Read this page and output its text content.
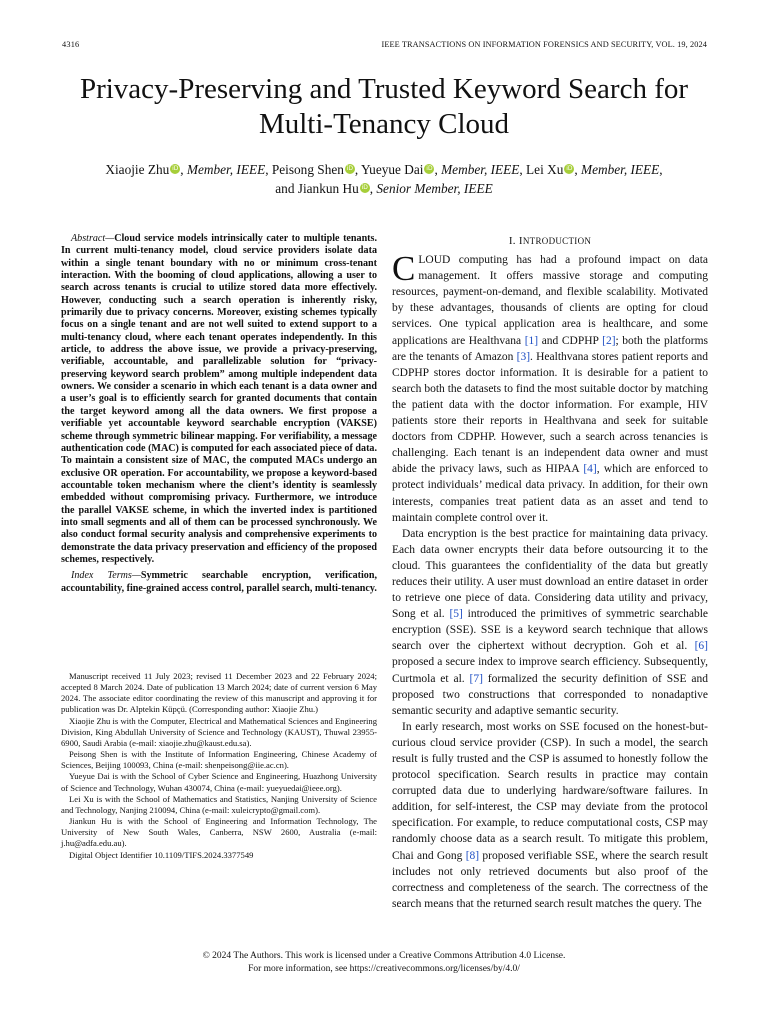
4316	IEEE TRANSACTIONS ON INFORMATION FORENSICS AND SECURITY, VOL. 19, 2024
Privacy-Preserving and Trusted Keyword Search for
Multi-Tenancy Cloud
Xiaojie Zhu iD , Member, IEEE, Peisong Shen iD , Yueyue Dai iD , Member, IEEE, Lei Xu iD , Member, IEEE,
and Jiankun Hu iD , Senior Member, IEEE

Abstract—Cloud service models intrinsically cater to multiple tenants. In current multi-tenancy model, cloud service providers isolate data within a single tenant boundary with no or minimum cross-tenant interaction. With the booming of cloud applications, allowing a user to search across tenants is crucial to utilize stored data more effectively. However, conducting such a search operation is inherently risky, primarily due to privacy concerns. Moreover, existing schemes typically focus on a single tenant and are not well suited to extend support to a multi-tenancy cloud, where each tenant operates independently. In this article, to address the above issue, we provide a privacy-preserving, verifiable, accountable, and parallelizable solution for “privacy-preserving keyword search problem” among multiple independent data owners. We consider a scenario in which each tenant is a data owner and a user’s goal is to efficiently search for granted documents that contain the target keyword among all the data owners. We first propose a verifiable yet accountable keyword searchable encryption (VAKSE) scheme through symmetric bilinear mapping. For verifiability, a message authentication code (MAC) is computed for each associated piece of data. To maintain a consistent size of MAC, the computed MACs undergo an exclusive OR operation. For accountability, we propose a keyword-based accountable token mechanism where the client’s identity is seamlessly embedded without compromising privacy. Furthermore, we introduce the parallel VAKSE scheme, in which the inverted index is partitioned into small segments and all of them can be processed synchronously. We also conduct formal security analysis and comprehensive experiments to demonstrate the data privacy preservation and efficiency of the proposed schemes, respectively.

Index Terms—Symmetric searchable encryption, verification, accountability, fine-grained access control, parallel search, multi-tenancy.

Manuscript received 11 July 2023; revised 11 December 2023 and 22 February 2024; accepted 8 March 2024. Date of publication 13 March 2024; date of current version 6 May 2024. The associate editor coordinating the review of this manuscript and approving it for publication was Dr. Alptekin Küpçü. (Corresponding author: Xiaojie Zhu.)

Xiaojie Zhu is with the Computer, Electrical and Mathematical Sciences and Engineering Division, King Abdullah University of Science and Technology (KAUST), Thuwal 23955-6900, Saudi Arabia (e-mail: xiaojie.zhu@kaust.edu.sa).

Peisong Shen is with the Institute of Information Engineering, Chinese Academy of Sciences, Beijing 100093, China (e-mail: shenpeisong@iie.ac.cn).

Yueyue Dai is with the School of Cyber Science and Engineering, Huazhong University of Science and Technology, Wuhan 430074, China (e-mail: yueyuedai@ieee.org).

Lei Xu is with the School of Mathematics and Statistics, Nanjing University of Science and Technology, Nanjing 210094, China (e-mail: xuleicrypto@gmail.com).

Jiankun Hu is with the School of Engineering and Information Technology, The University of New South Wales, Canberra, NSW 2600, Australia (e-mail: j.hu@adfa.edu.au).

Digital Object Identifier 10.1109/TIFS.2024.3377549

I. INTRODUCTION

CLOUD computing has had a profound impact on data management. It offers massive storage and computing resources, payment-on-demand, and flexible scalability. Motivated by these advantages, thousands of clients are opting for cloud services. One typical application area is healthcare, and some applications are Healthvana [1] and CDPHP [2]; both the platforms are the tenants of Amazon [3]. Healthvana stores patient reports and CDPHP stores doctor information. It is desirable for a patient to search both the datasets to find the most suitable doctor by matching the patient data with the doctor information. For example, HIV patients store their reports in Healthvana and seek for suitable doctors from CDPHP. However, such a search across tenancies is challenging. Each tenant is an independent data owner and must abide the privacy laws, such as HIPAA [4], which are enforced to protect individuals’ medical data privacy. In addition, for their own interests, companies treat patient data as an asset and tend to maintain complete control over it.

Data encryption is the best practice for maintaining data privacy. Each data owner encrypts their data before outsourcing it to the cloud. This guarantees the confidentiality of the data but greatly reduces their utility. A user must download an entire dataset in order to retrieve one piece of data. Considering data utility and privacy, Song et al. [5] introduced the primitives of symmetric searchable encryption (SSE). SSE is a keyword search technique that allows search over the ciphertext without decryption. Goh et al. [6] proposed a secure index to improve search efficiency. Subsequently, Curtmola et al. [7] formalized the security definition of SSE and proposed two constructions that corresponded to nonadaptive semantic security and adaptive semantic security.

In early research, most works on SSE focused on the honest-but-curious cloud service provider (CSP). In such a model, the search result is fully trusted and the CSP is assumed to honestly follow the protocol specification. Search results in practice may contain corrupted data due to underlying hardware/software failures. In addition, for self-interest, the CSP may deviate from the protocol specification. For example, to reduce computational costs, CSP may randomly choose data as a search result. To mitigate this problem, Chai and Gong [8] proposed verifiable SSE, where the search result includes not only retrieved documents but also proof of the correctness and completeness of the search. The correctness of the search means that the returned search result matches the query. The

© 2024 The Authors. This work is licensed under a Creative Commons Attribution 4.0 License.
For more information, see https://creativecommons.org/licenses/by/4.0/
